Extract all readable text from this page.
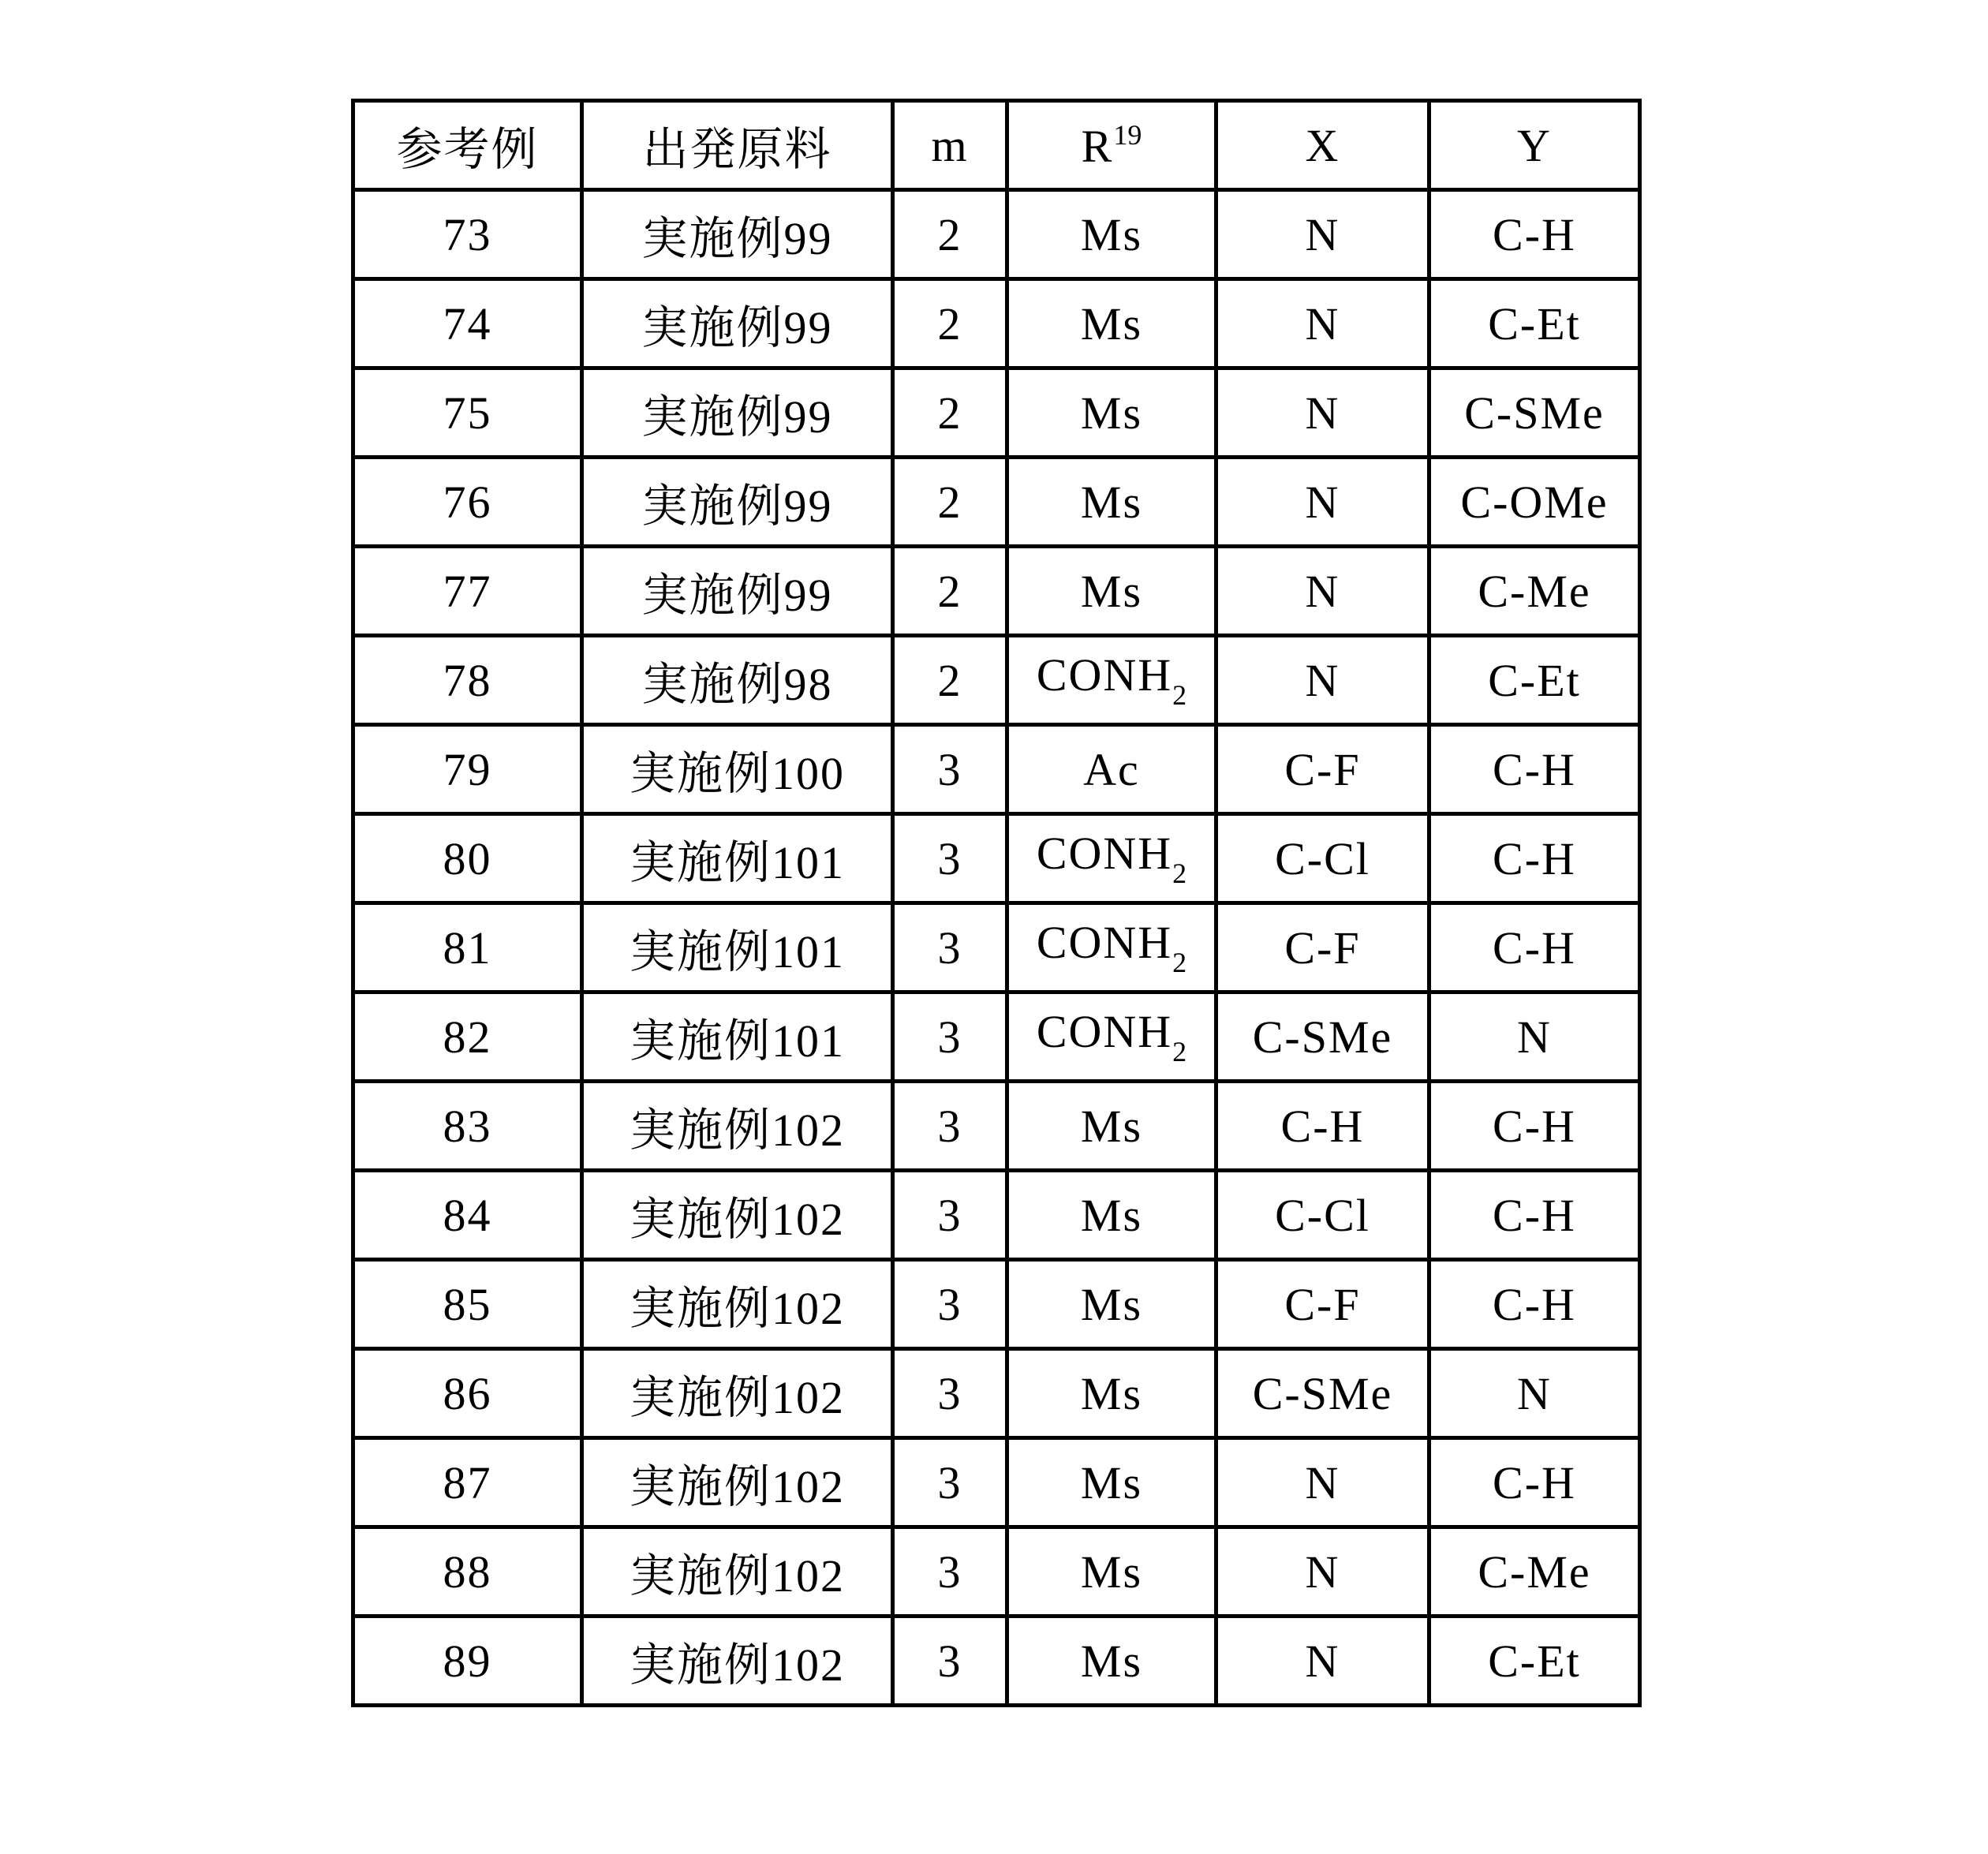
参考例	出発原料	m	$R^{19}$	X	Y
73	実施例99	2	Ms	N	C-H
74	実施例99	2	Ms	N	C-Et
75	実施例99	2	Ms	N	C-SMe
76	実施例99	2	Ms	N	C-OMe
77	実施例99	2	Ms	N	C-Me
78	実施例98	2	$CONH_2$	N	C-Et
79	実施例100	3	Ac	C-F	C-H
80	実施例101	3	$CONH_2$	C-Cl	C-H
81	実施例101	3	$CONH_2$	C-F	C-H
82	実施例101	3	$CONH_2$	C-SMe	N
83	実施例102	3	Ms	C-H	C-H
84	実施例102	3	Ms	C-Cl	C-H
85	実施例102	3	Ms	C-F	C-H
86	実施例102	3	Ms	C-SMe	N
87	実施例102	3	Ms	N	C-H
88	実施例102	3	Ms	N	C-Me
89	実施例102	3	Ms	N	C-Et
